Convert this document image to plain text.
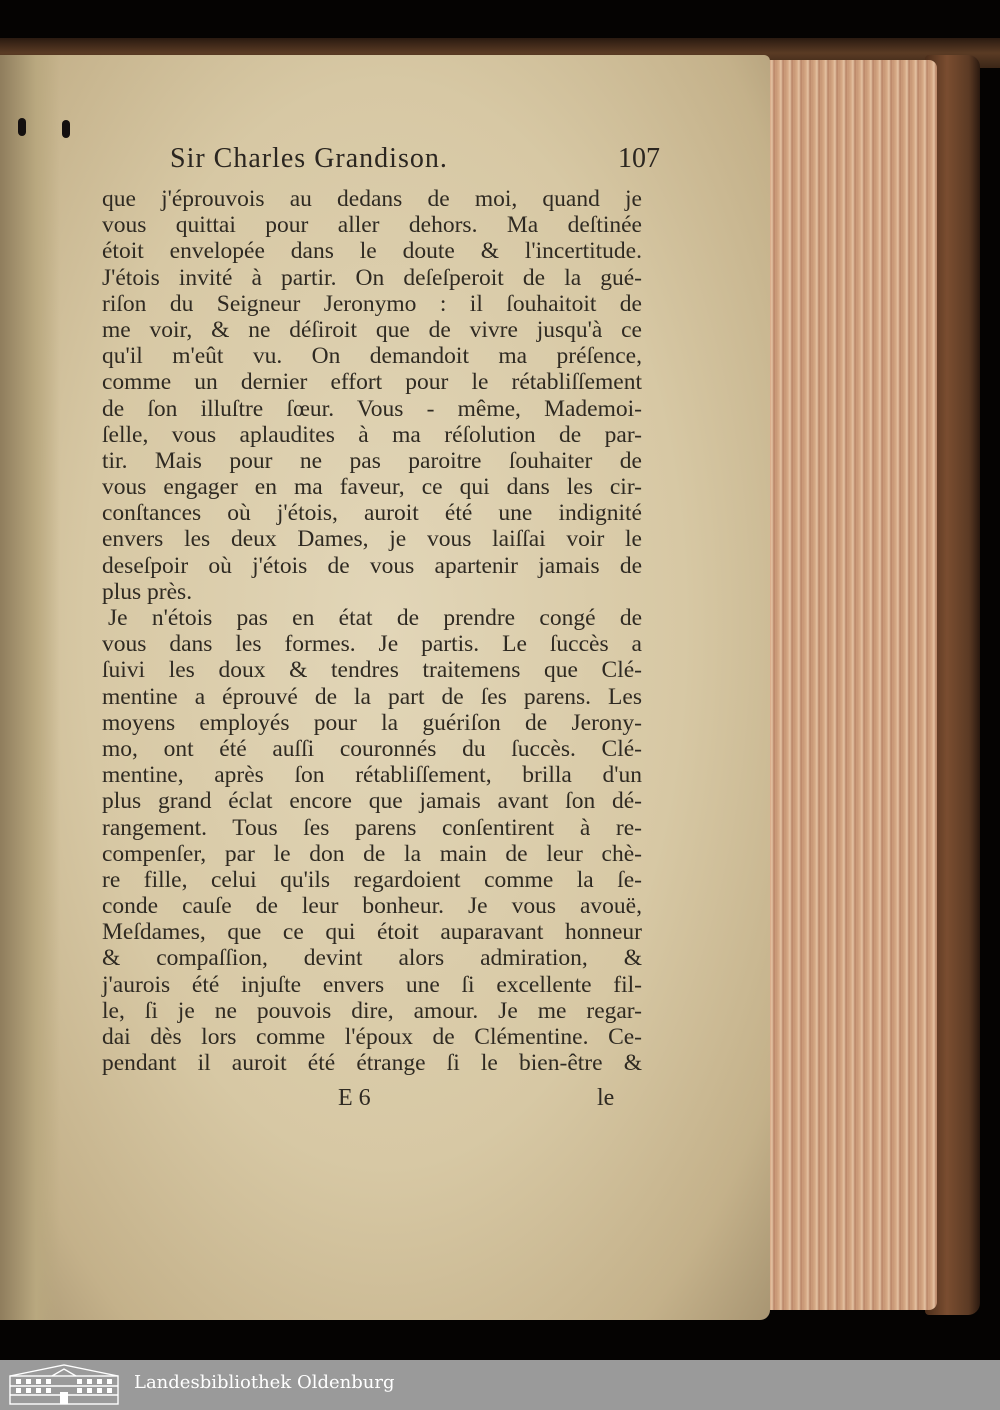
Sir Charles Grandison.	107
que j'éprouvois au dedans de moi, quand je
vous quittai pour aller dehors. Ma deſtinée
étoit envelopée dans le doute & l'incertitude.
J'étois invité à partir. On deſeſperoit de la gué-
riſon du Seigneur Jeronymo : il ſouhaitoit de
me voir, & ne déſiroit que de vivre jusqu'à ce
qu'il m'eût vu. On demandoit ma préſence,
comme un dernier effort pour le rétabliſſement
de ſon illuſtre ſœur. Vous - même, Mademoi-
ſelle, vous aplaudites à ma réſolution de par-
tir. Mais pour ne pas paroitre ſouhaiter de
vous engager en ma faveur, ce qui dans les cir-
conſtances où j'étois, auroit été une indignité
envers les deux Dames, je vous laiſſai voir le
deseſpoir où j'étois de vous apartenir jamais de
plus près.
Je n'étois pas en état de prendre congé de
vous dans les formes. Je partis. Le ſuccès a
ſuivi les doux & tendres traitemens que Clé-
mentine a éprouvé de la part de ſes parens. Les
moyens employés pour la guériſon de Jerony-
mo, ont été auſſi couronnés du ſuccès. Clé-
mentine, après ſon rétabliſſement, brilla d'un
plus grand éclat encore que jamais avant ſon dé-
rangement. Tous ſes parens conſentirent à re-
compenſer, par le don de la main de leur chè-
re fille, celui qu'ils regardoient comme la ſe-
conde cauſe de leur bonheur. Je vous avouë,
Meſdames, que ce qui étoit auparavant honneur
& compaſſion, devint alors admiration, &
j'aurois été injuſte envers une ſi excellente fil-
le, ſi je ne pouvois dire, amour. Je me regar-
dai dès lors comme l'époux de Clémentine. Ce-
pendant il auroit été étrange ſi le bien-être &
E 6	le
Landesbibliothek Oldenburg
